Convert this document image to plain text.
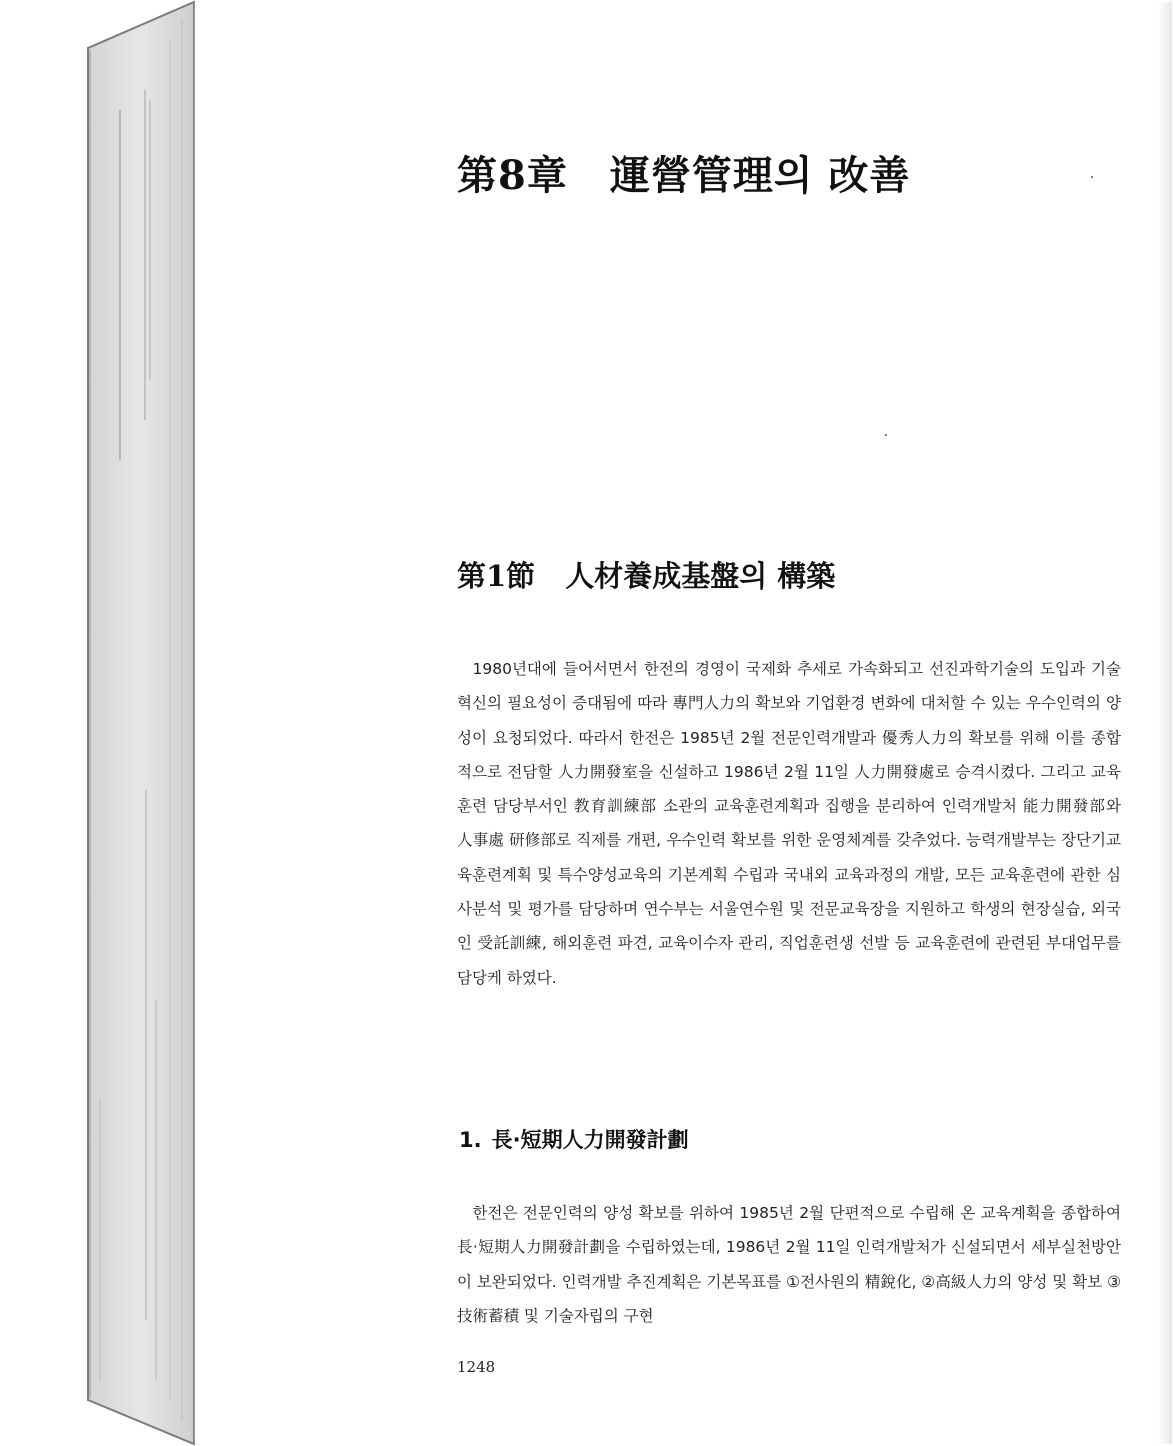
第8章 運營管理의 改善
第1節 人材養成基盤의 構築
1980년대에 들어서면서 한전의 경영이 국제화 추세로 가속화되고 선진과학기술의 도입과 기술혁신의 필요성이 증대됨에 따라 專門人力의 확보와 기업환경 변화에 대처할 수 있는 우수인력의 양성이 요청되었다. 따라서 한전은 1985년 2월 전문인력개발과 優秀人力의 확보를 위해 이를 종합적으로 전담할 人力開發室을 신설하고 1986년 2월 11일 人力開發處로 승격시켰다. 그리고 교육훈련 담당부서인 教育訓練部 소관의 교육훈련계획과 집행을 분리하여 인력개발처 能力開發部와 人事處 研修部로 직제를 개편, 우수인력 확보를 위한 운영체계를 갖추었다. 능력개발부는 장단기교육훈련계획 및 특수양성교육의 기본계획 수립과 국내외 교육과정의 개발, 모든 교육훈련에 관한 심사분석 및 평가를 담당하며 연수부는 서울연수원 및 전문교육장을 지원하고 학생의 현장실습, 외국인 受託訓練, 해외훈련 파견, 교육이수자 관리, 직업훈련생 선발 등 교육훈련에 관련된 부대업무를 담당케 하였다.
1. 長·短期人力開發計劃
한전은 전문인력의 양성 확보를 위하여 1985년 2월 단편적으로 수립해 온 교육계획을 종합하여 長·短期人力開發計劃을 수립하였는데, 1986년 2월 11일 인력개발처가 신설되면서 세부실천방안이 보완되었다. 인력개발 추진계획은 기본목표를 ①전사원의 精銳化, ②高級人力의 양성 및 확보 ③技術蓄積 및 기술자립의 구현
1248
